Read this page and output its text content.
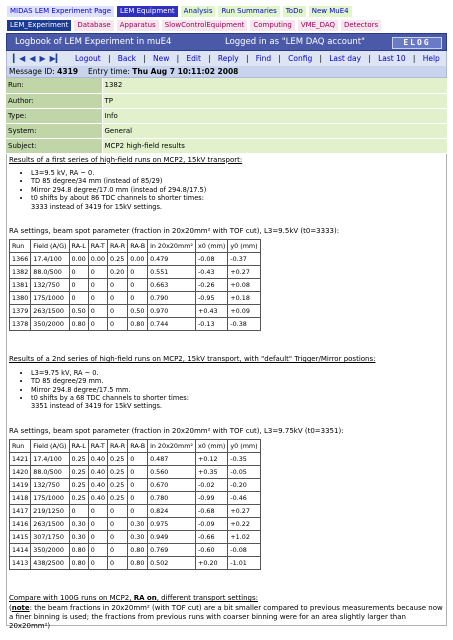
MIDAS LEM Experiment Page	LEM Equipment	Analysis	Run Summaries	ToDo	New MuE4
LEM_Experiment	Database	Apparatus	SlowControlEquipment	Computing	VME_DAQ	Detectors
Logbook of LEM Experiment in muE4	Logged in as "LEM DAQ account"	ELOG
▎◀ ◀ ▶ ▶▎ Logout | Back | New | Edit | Reply | Find | Config | Last day | Last 10 | Help
Message ID: 4319 Entry time: Thu Aug 7 10:11:02 2008
Run:	1382
Author:	TP
Type:	Info
System:	General
Subject:	MCP2 high-field results

Results of a first series of high-field runs on MCP2, 15kV transport:

• L3=9.5 kV, RA ~ 0.
• TD 85 degree/34 mm (instead of 85/29)
• Mirror 294.8 degree/17.0 mm (instead of 294.8/17.5)
• t0 shifts by about 86 TDC channels to shorter times:
3333 instead of 3419 for 15kV settings.

RA settings, beam spot parameter (fraction in 20x20mm² with TOF cut), L3=9.5kV (t0=3333):

Run	Field (A/G)	RA-L	RA-T	RA-R	RA-B	in 20x20mm²	x0 (mm)	y0 (mm)
1366	17.4/100	0.00	0.00	0.25	0.00	0.479	-0.08	-0.37
1382	88.0/500	0	0	0.20	0	0.551	-0.43	+0.27
1381	132/750	0	0	0	0	0.663	-0.26	+0.08
1380	175/1000	0	0	0	0	0.790	-0.95	+0.18
1379	263/1500	0.50	0	0	0.50	0.970	+0.43	+0.09
1378	350/2000	0.80	0	0	0.80	0.744	-0.13	-0.38

Results of a 2nd series of high-field runs on MCP2, 15kV transport, with "default" Trigger/Mirror postions:

• L3=9.75 kV, RA ~ 0.
• TD 85 degree/29 mm.
• Mirror 294.8 degree/17.5 mm.
• t0 shifts by a 68 TDC channels to shorter times:
3351 instead of 3419 for 15kV settings.

RA settings, beam spot parameter (fraction in 20x20mm² with TOF cut), L3=9.75kV (t0=3351):

Run	Field (A/G)	RA-L	RA-T	RA-R	RA-B	in 20x20mm²	x0 (mm)	y0 (mm)
1421	17.4/100	0.25	0.40	0.25	0	0.487	+0.12	-0.35
1420	88.0/500	0.25	0.40	0.25	0	0.560	+0.35	-0.05
1419	132/750	0.25	0.40	0.25	0	0.670	-0.02	-0.20
1418	175/1000	0.25	0.40	0.25	0	0.780	-0.99	-0.46
1417	219/1250	0	0	0	0	0.824	-0.68	+0.27
1416	263/1500	0.30	0	0	0.30	0.975	-0.09	+0.22
1415	307/1750	0.30	0	0	0.30	0.949	-0.66	+1.02
1414	350/2000	0.80	0	0	0.80	0.769	-0.60	-0.08
1413	438/2500	0.80	0	0	0.80	0.502	+0.20	-1.01

Compare with 100G runs on MCP2, RA on, different transport settings:

(note: the beam fractions in 20x20mm² (with TOF cut) are a bit smaller compared to previous measurements because now a finer binning is used; the fractions from previous runs with coarser binning were for an area slightly larger than 20x20mm²)
